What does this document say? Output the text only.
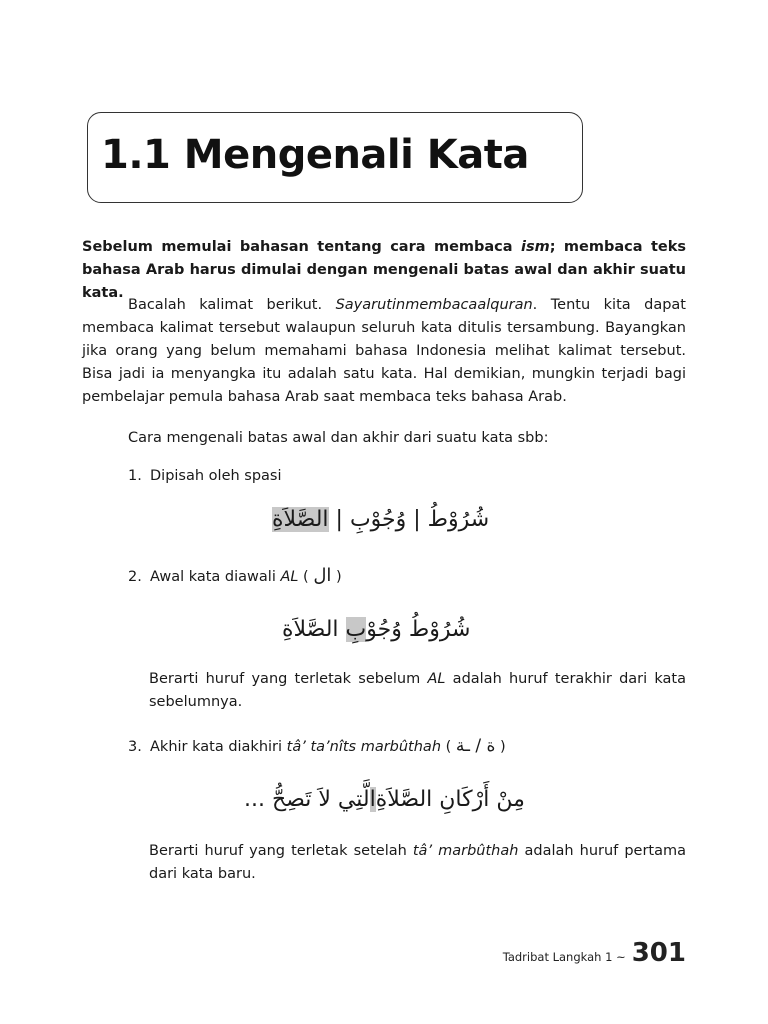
1.1 Mengenali Kata
Sebelum memulai bahasan tentang cara membaca ism; membaca teks bahasa Arab harus dimulai dengan mengenali batas awal dan akhir suatu kata.
Bacalah kalimat berikut. Sayarutinmembacaalquran. Tentu kita dapat membaca kalimat tersebut walaupun seluruh kata ditulis tersambung. Bayangkan jika orang yang belum memahami bahasa Indonesia melihat kalimat tersebut. Bisa jadi ia menyangka itu adalah satu kata. Hal demikian, mungkin terjadi bagi pembelajar pemula bahasa Arab saat membaca teks bahasa Arab.
Cara mengenali batas awal dan akhir dari suatu kata sbb:
1. Dipisah oleh spasi
شُرُوْطُ | وُجُوْبِ | الصَّلاَةِ
2. Awal kata diawali AL ( ال )
شُرُوْطُ وُجُوْبِ الصَّلاَةِ
Berarti huruf yang terletak sebelum AL adalah huruf terakhir dari kata sebelumnya.
3. Akhir kata diakhiri tâ’ ta’nîts marbûthah ( ة / ـة )
مِنْ أَرْكَانِ الصَّلاَةِالَّتِي لاَ تَصِحُّ ...
Berarti huruf yang terletak setelah tâ’ marbûthah adalah huruf pertama dari kata baru.
Tadribat Langkah 1 ~ 301
